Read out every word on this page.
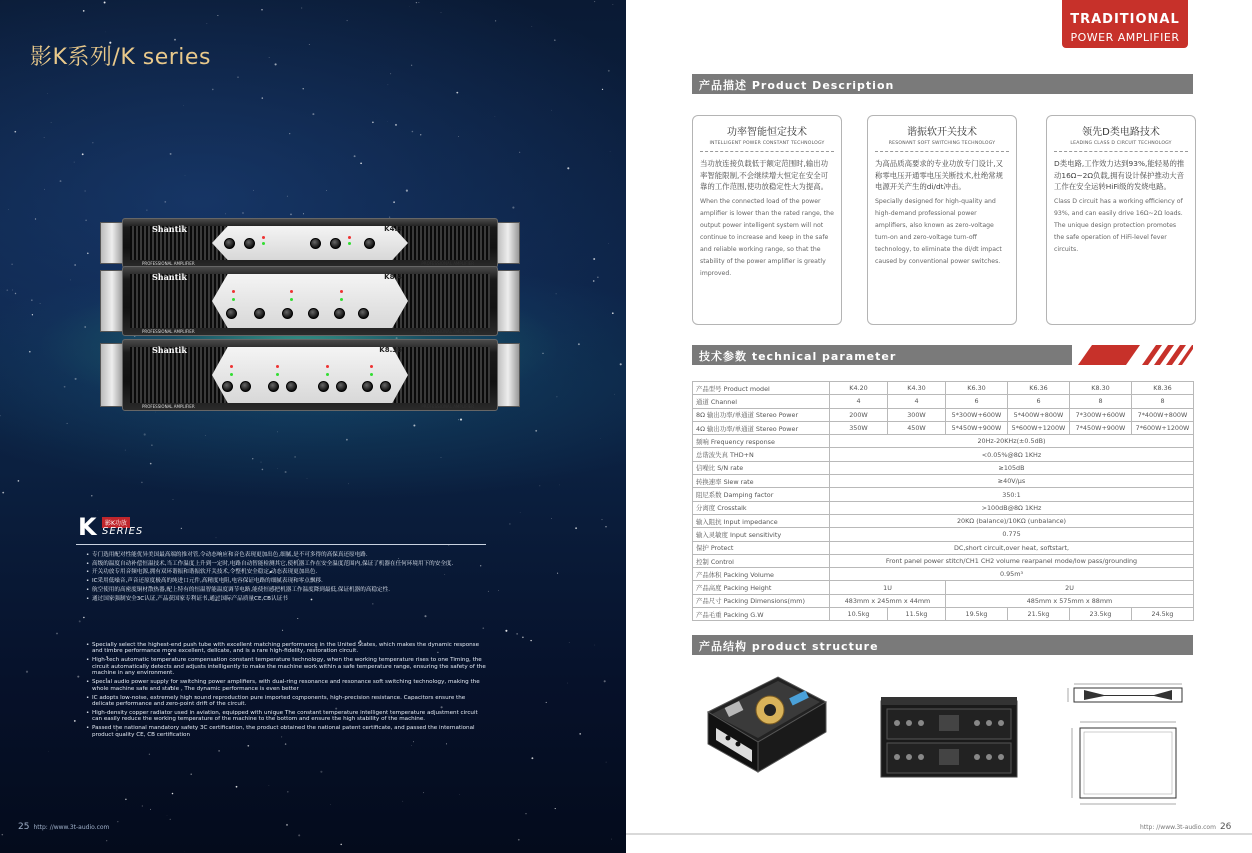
影K系列/K series
Shantik	K4.3
PROFESSIONAL AMPLIFIER	PROFESSIONAL AMPLIFIER
Shantik	K8.4
PROFESSIONAL AMPLIFIER	PROFESSIONAL AMPLIFIER
Shantik	K8.36
PROFESSIONAL AMPLIFIER	PROFESSIONAL AMPLIFIER
K	影K功放
SERIES
• 专门选用配对性能优异美国最高端的推对管,令动态响应和音色表现更加出色,细腻,是不可多得的高保真还原电路.
• 高级的温度自动补偿恒温技术,当工作温度上升到一定时,电路自动智能检测其它,使机器工作在安全温度范围内,保证了机器在任何环境用下的安全度.
• 开关功放专用音频电源,拥有双环谐振和谐振软开关技术,令整机安全稳定,动态表现更加出色.
• IC采用低噪音,声音还原度极高的纯进口元件,高精度电阻,电容保证电路的细腻表现和零点飘移.
• 航空使用的高密度铜材散热器,配上特有的恒温智能温度调节电路,能使恒感把机器工作温度降到最低,保证机器的高稳定性.
• 通过国家强制安全3C认证,产品获国家专利证书,通过国际产品质量CE,CB认证书
• Specially select the highest-end push tube with excellent matching performance in the United States, which makes the dynamic response and timbre performance more excellent, delicate, and is a rare high-fidelity, restoration circuit.
• High-tech automatic temperature compensation constant temperature technology, when the working temperature rises to one Timing, the circuit automatically detects and adjusts intelligently to make the machine work within a safe temperature range, ensuring the safety of the machine in any environment.
• Special audio power supply for switching power amplifiers, with dual-ring resonance and resonance soft switching technology, making the whole machine safe and stable , The dynamic performance is even better
• IC adopts low-noise, extremely high sound reproduction pure imported components, high-precision resistance. Capacitors ensure the delicate performance and zero-point drift of the circuit.
• High-density copper radiator used in aviation, equipped with unique The constant temperature intelligent temperature adjustment circuit can easily reduce the working temperature of the machine to the bottom and ensure the high stability of the machine.
• Passed the national mandatory safety 3C certification, the product obtained the national patent certificate, and passed the international product quality CE, CB certification
25 http: //www.3t-audio.com
TRADITIONAL
POWER AMPLIFIER
产品描述 Product Description
功率智能恒定技术
INTELLIGENT POWER CONSTANT TECHNOLOGY
当功放连接负载低于额定范围时,输出功率智能限制,不会继续增大恒定在安全可靠的工作范围,使功放稳定性大为提高。
When the connected load of the power amplifier is lower than the rated range, the output power intelligent system will not continue to increase and keep in the safe and reliable working range, so that the stability of the power amplifier is greatly improved.
谐振软开关技术
RESONANT SOFT SWITCHING TECHNOLOGY
为高品质高要求的专业功放专门设计,又称零电压开通零电压关断技术,杜绝常规电源开关产生的di/dt冲击。
Specially designed for high-quality and high-demand professional power amplifiers, also known as zero-voltage turn-on and zero-voltage turn-off technology, to eliminate the di/dt impact caused by conventional power switches.
领先D类电路技术
LEADING CLASS D CIRCUIT TECHNOLOGY
D类电路,工作效力达到93%,能轻易的推动16Ω~2Ω负载,拥有设计保护推动大音工作在安全运转HiFi级的发烧电路。
Class D circuit has a working efficiency of 93%, and can easily drive 16Ω~2Ω loads. The unique design protection promotes the safe operation of HiFi-level fever circuits.
技术参数 technical parameter
产品型号 Product model	K4.20	K4.30	K6.30	K6.36	K8.30	K8.36
通道 Channel	4	4	6	6	8	8
8Ω 输出功率/单通道 Stereo Power	200W	300W	5*300W+600W	5*400W+800W	7*300W+600W	7*400W+800W
4Ω 输出功率/单通道 Stereo Power	350W	450W	5*450W+900W	5*600W+1200W	7*450W+900W	7*600W+1200W
频响 Frequency response	20Hz-20KHz(±0.5dB)					
总谐波失真 THD+N	<0.05%@8Ω 1KHz					
信噪比 S/N rate	≥105dB					
转换速率 Slew rate	≥40V/μs					
阻尼系数 Damping factor	350:1					
分离度 Crosstalk	>100dB@8Ω 1KHz					
输入阻抗 Input impedance	20KΩ (balance)/10KΩ (unbalance)					
输入灵敏度 Input sensitivity	0.775					
保护 Protect	DC,short circuit,over heat, softstart,					
控制 Control	Front panel power stitch/CH1 CH2 volume rearpanel mode/low pass/grounding					
产品体积 Packing Volume	0.95m³					
产品高度 Packing Height	1U		2U			
产品尺寸 Packing Dimensions(mm)	483mm x 245mm x 44mm		485mm x 575mm x 88mm			
产品毛重 Packing G.W	10.5kg	11.5kg	19.5kg	21.5kg	23.5kg	24.5kg
产品结构 product structure
http: //www.3t-audio.com 26
